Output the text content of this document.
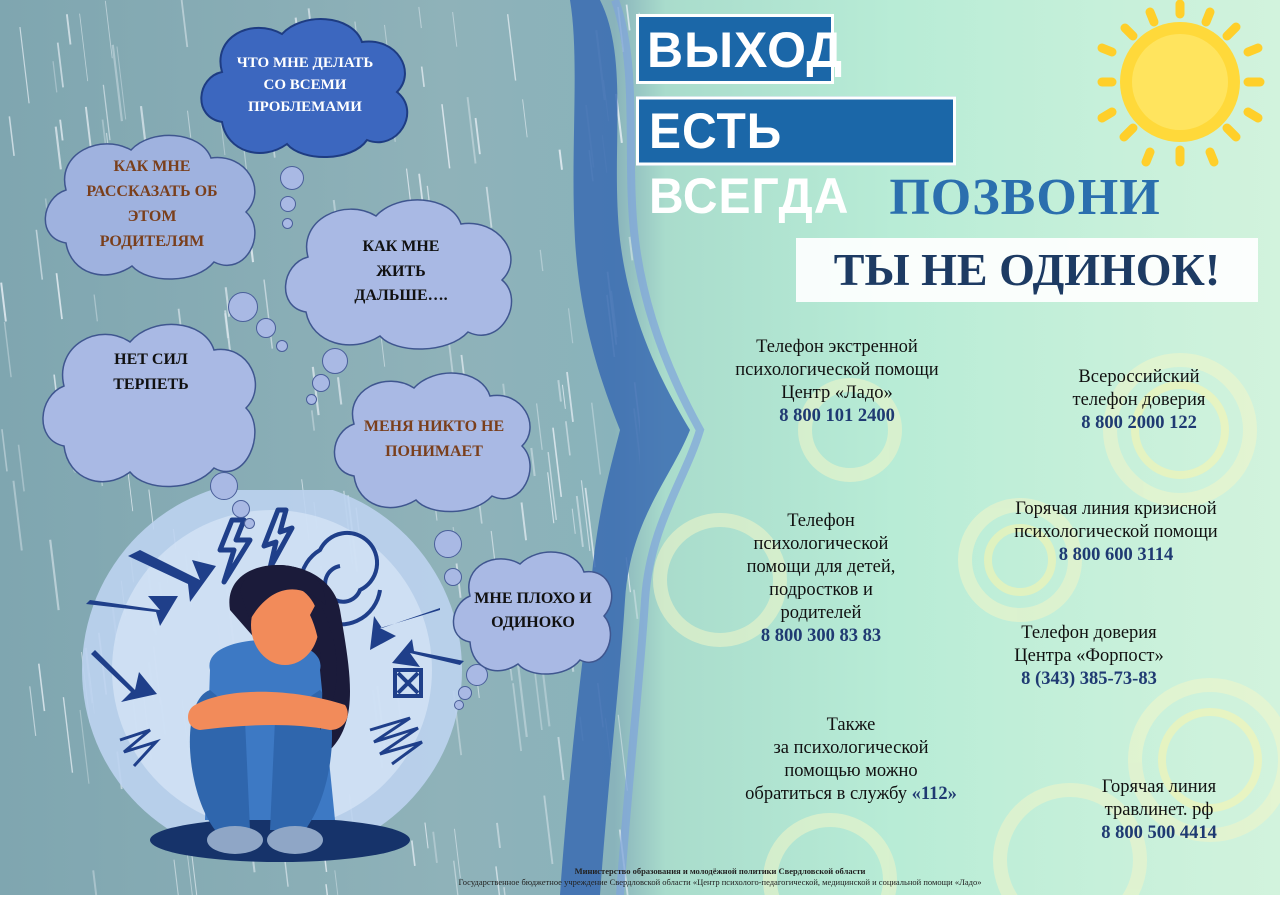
ЧТО МНЕ ДЕЛАТЬ СО ВСЕМИ ПРОБЛЕМАМИ
КАК МНЕ РАССКАЗАТЬ ОБ ЭТОМ РОДИТЕЛЯМ	КАК МНЕ ЖИТЬ ДАЛЬШЕ….
НЕТ СИЛ ТЕРПЕТЬ
МЕНЯ НИКТО НЕ ПОНИМАЕТ
МНЕ ПЛОХО И ОДИНОКО
ВЫХОД
ЕСТЬ ВСЕГДА ПОЗВОНИ
ТЫ НЕ ОДИНОК!
Телефон экстренной
психологической помощи
Центр «Ладо»
8 800 101 2400
Всероссийский
телефон доверия
8 800 2000 122
Телефон
психологической
помощи для детей,
подростков и
родителей
8 800 300 83 83
Горячая линия кризисной
психологической помощи
8 800 600 3114
Телефон доверия
Центра «Форпост»
8 (343) 385-73-83
Также
за психологической
помощью можно
обратиться в службу «112»	Горячая линия
травлинет. рф
8 800 500 4414
Министерство образования и молодёжной политики Свердловской области
Государственное бюджетное учреждение Свердловской области «Центр психолого-педагогической, медицинской и социальной помощи «Ладо»
